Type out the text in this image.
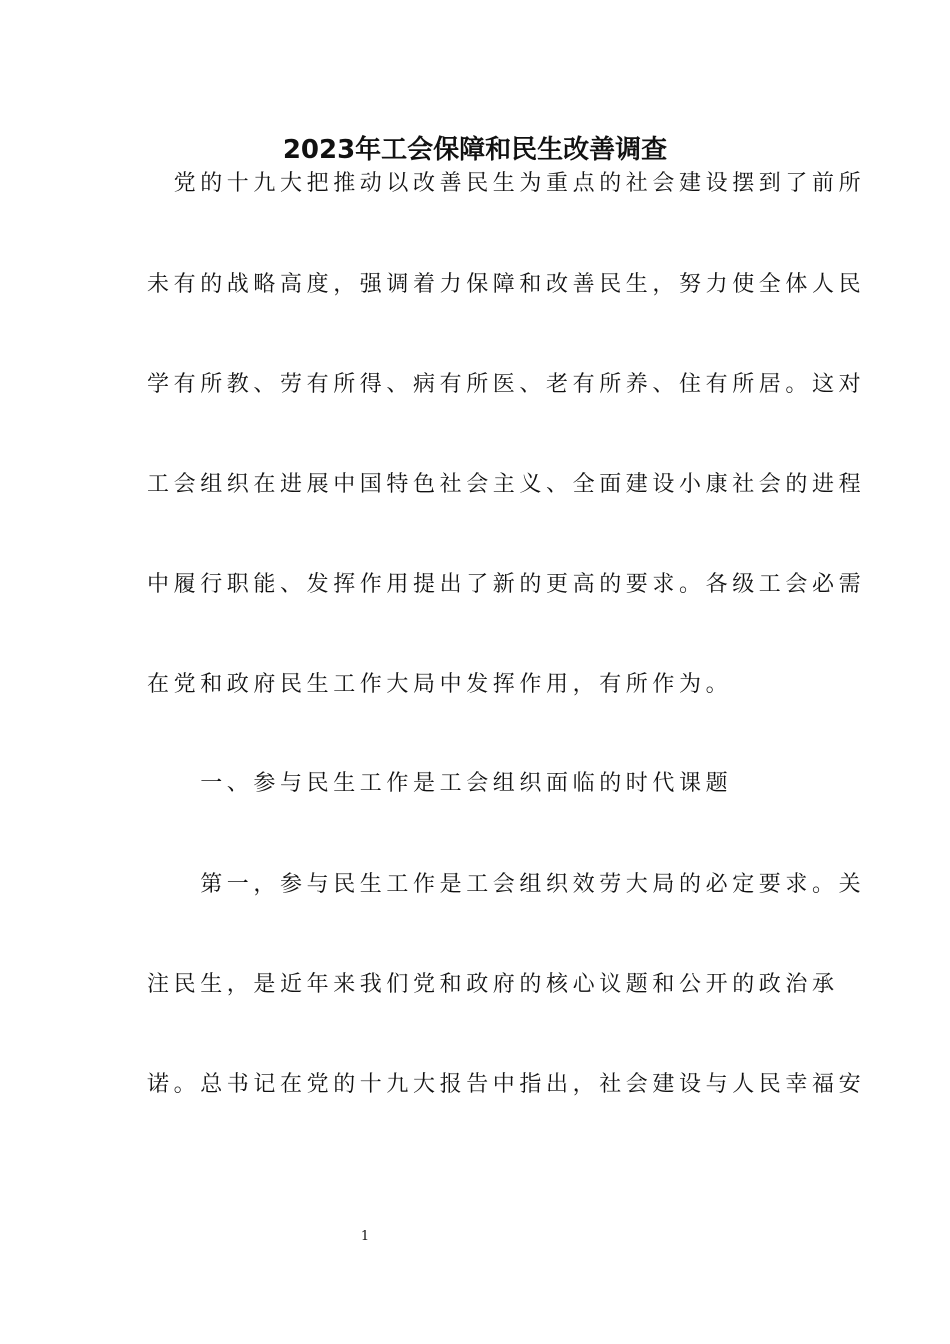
2023年工会保障和民生改善调查
　党的十九大把推动以改善民生为重点的社会建设摆到了前所
未有的战略高度，强调着力保障和改善民生，努力使全体人民
学有所教、劳有所得、病有所医、老有所养、住有所居。这对
工会组织在进展中国特色社会主义、全面建设小康社会的进程
中履行职能、发挥作用提出了新的更高的要求。各级工会必需
在党和政府民生工作大局中发挥作用，有所作为。
　　一、参与民生工作是工会组织面临的时代课题
　　第一，参与民生工作是工会组织效劳大局的必定要求。关
注民生，是近年来我们党和政府的核心议题和公开的政治承
诺。总书记在党的十九大报告中指出，社会建设与人民幸福安
1
